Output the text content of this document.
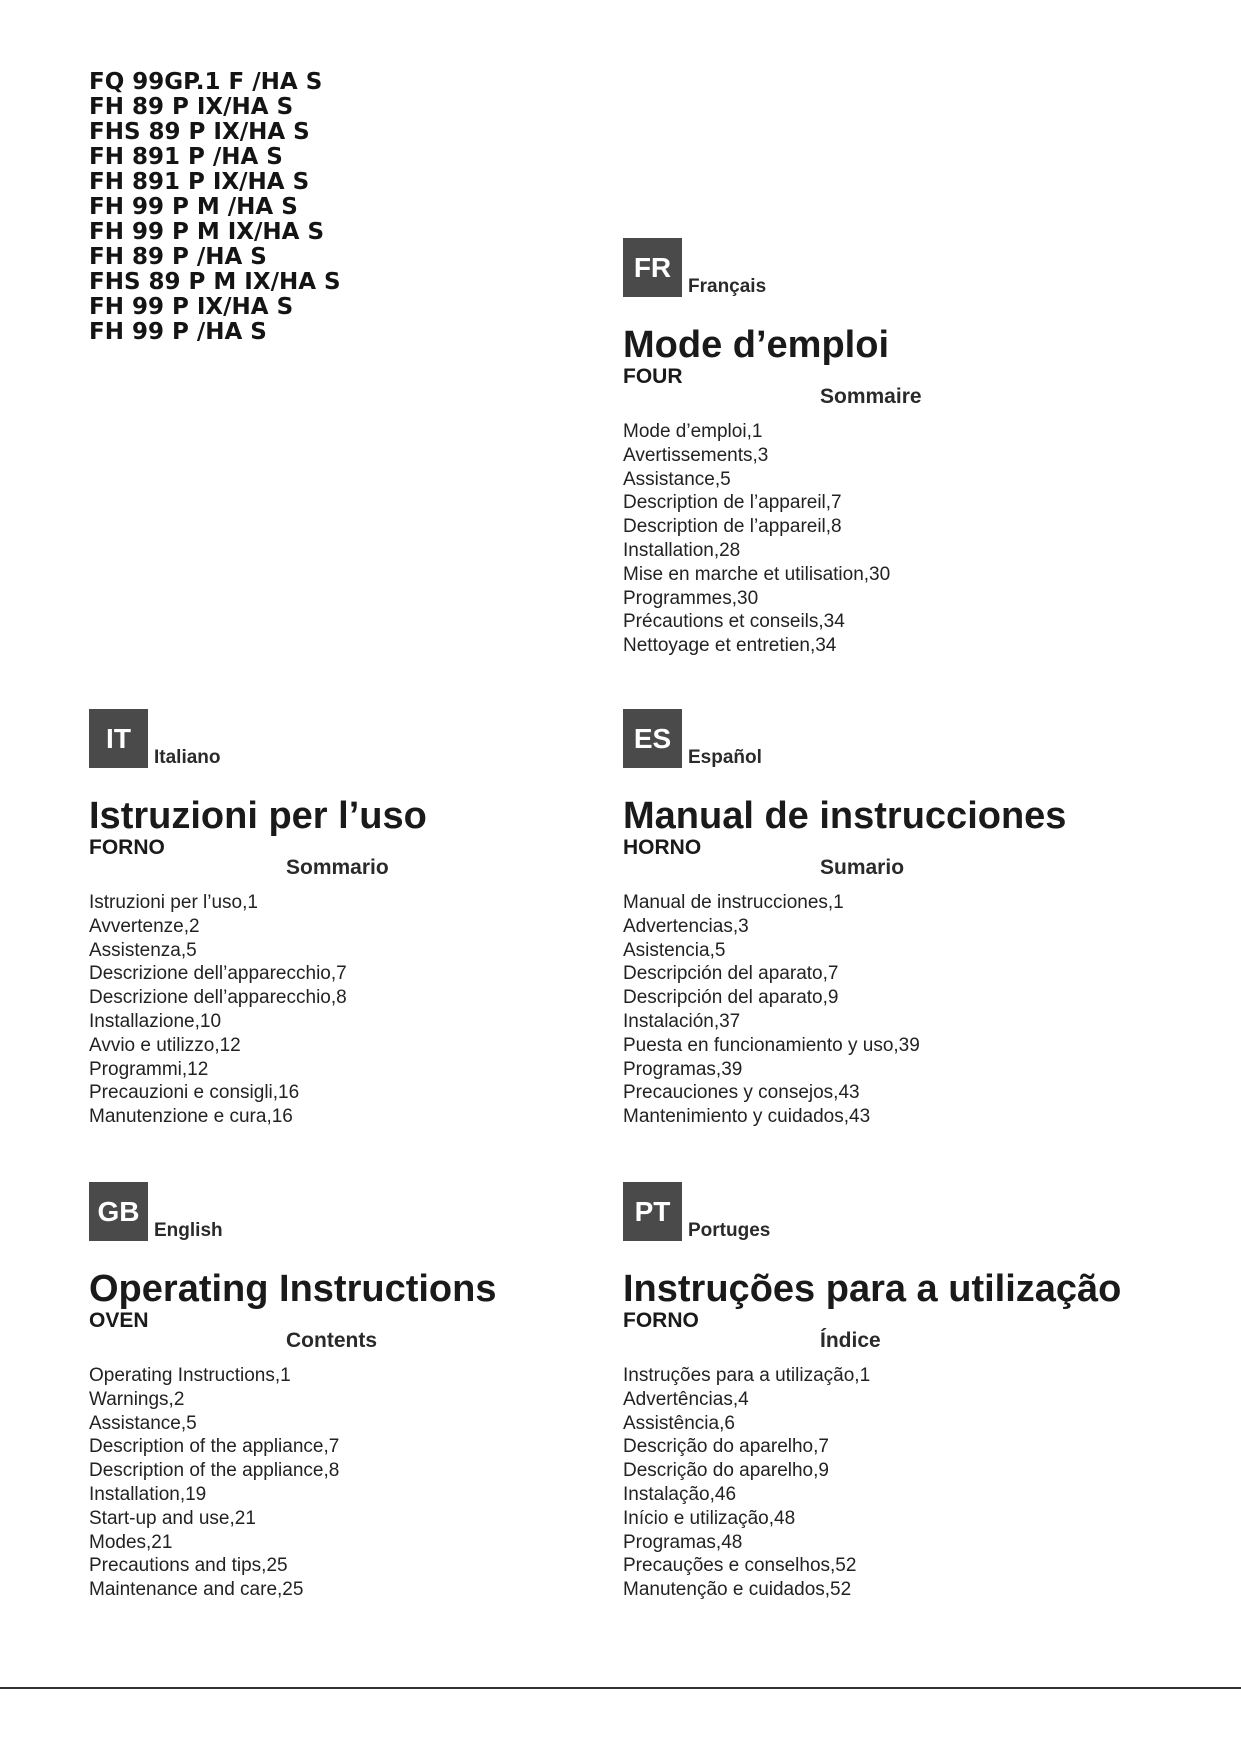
FQ 99GP.1 F /HA S
FH 89 P IX/HA S
FHS 89 P IX/HA S
FH 891 P /HA S
FH 891 P IX/HA S
FH 99 P M /HA S
FH 99 P M IX/HA S
FH 89 P /HA S
FHS 89 P M IX/HA S
FH 99 P IX/HA S
FH 99 P /HA S
FR
Français
Mode d’emploi
FOUR
Sommaire
Mode d’emploi,1
Avertissements,3
Assistance,5
Description de l’appareil,7
Description de l’appareil,8
Installation,28
Mise en marche et utilisation,30
Programmes,30
Précautions et conseils,34
Nettoyage et entretien,34
IT
Italiano
Istruzioni per l’uso
FORNO
Sommario
Istruzioni per l’uso,1
Avvertenze,2
Assistenza,5
Descrizione dell’apparecchio,7
Descrizione dell’apparecchio,8
Installazione,10
Avvio e utilizzo,12
Programmi,12
Precauzioni e consigli,16
Manutenzione e cura,16
ES
Español
Manual de instrucciones
HORNO
Sumario
Manual de instrucciones,1
Advertencias,3
Asistencia,5
Descripción del aparato,7
Descripción del aparato,9
Instalación,37
Puesta en funcionamiento y uso,39
Programas,39
Precauciones y consejos,43
Mantenimiento y cuidados,43
GB
English
Operating Instructions
OVEN
Contents
Operating Instructions,1
Warnings,2
Assistance,5
Description of the appliance,7
Description of the appliance,8
Installation,19
Start-up and use,21
Modes,21
Precautions and tips,25
Maintenance and care,25
PT
Portuges
Instruções para a utilização
FORNO
Índice
Instruções para a utilização,1
Advertências,4
Assistência,6
Descrição do aparelho,7
Descrição do aparelho,9
Instalação,46
Início e utilização,48
Programas,48
Precauções e conselhos,52
Manutenção e cuidados,52
